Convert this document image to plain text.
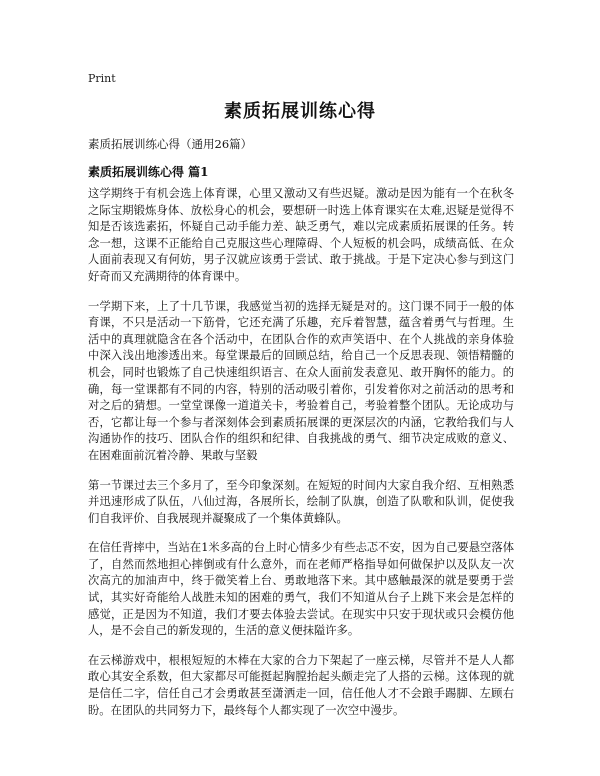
Print
素质拓展训练心得
素质拓展训练心得（通用26篇）
素质拓展训练心得 篇1

这学期终于有机会选上体育课，心里又激动又有些迟疑。激动是因为能有一个在秋冬之际宝期锻炼身体、放松身心的机会，要想研一时选上体育课实在太难,迟疑是觉得不知是否该选素拓，怀疑自己动手能力差、缺乏勇气，难以完成素质拓展课的任务。转念一想，这课不正能给自己克服这些心理障碍、个人短板的机会吗，成绩高低、在众人面前表现又有何妨，男子汉就应该勇于尝试、敢于挑战。于是下定决心参与到这门好奇而又充满期待的体育课中。

一学期下来，上了十几节课，我感觉当初的选择无疑是对的。这门课不同于一般的体育课，不只是活动一下筋骨，它还充满了乐趣，充斥着智慧，蕴含着勇气与哲理。生活中的真理就隐含在各个活动中，在团队合作的欢声笑语中、在个人挑战的亲身体验中深入浅出地渗透出来。每堂课最后的回顾总结，给自己一个反思表现、领悟精髓的机会，同时也锻炼了自己快速组织语言、在众人面前发表意见、敢开胸怀的能力。的确，每一堂课都有不同的内容，特别的活动吸引着你，引发着你对之前活动的思考和对之后的猜想。一堂堂课像一道道关卡，考验着自己，考验着整个团队。无论成功与否，它都让每一个参与者深刻体会到素质拓展课的更深层次的内涵，它教给我们与人沟通协作的技巧、团队合作的组织和纪律、自我挑战的勇气、细节决定成败的意义、在困难面前沉着冷静、果敢与坚毅

第一节课过去三个多月了，至今印象深刻。在短短的时间内大家自我介绍、互相熟悉并迅速形成了队伍，八仙过海，各展所长，绘制了队旗，创造了队歌和队训，促使我们自我评价、自我展现并凝聚成了一个集体黄蜂队。

在信任背摔中，当站在1米多高的台上时心情多少有些忐忑不安，因为自己要悬空落体了，自然而然地担心摔倒或有什么意外，而在老师严格指导如何做保护以及队友一次次高亢的加油声中，终于微笑着上台、勇敢地落下来。其中感触最深的就是要勇于尝试，其实好奇能给人战胜未知的困难的勇气，我们不知道从台子上跳下来会是怎样的感觉，正是因为不知道，我们才要去体验去尝试。在现实中只安于现状或只会模仿他人，是不会自己的新发现的，生活的意义便抹隘许多。

在云梯游戏中，根根短短的木棒在大家的合力下架起了一座云梯，尽管并不是人人都敢心其安全系数，但大家都尽可能挺起胸膛抬起头颇走完了人搭的云梯。这体现的就是信任二字，信任自己才会勇敢甚至潇洒走一回，信任他人才不会踉手踢脚、左顾右盼。在团队的共同努力下，最终每个人都实现了一次空中漫步。
